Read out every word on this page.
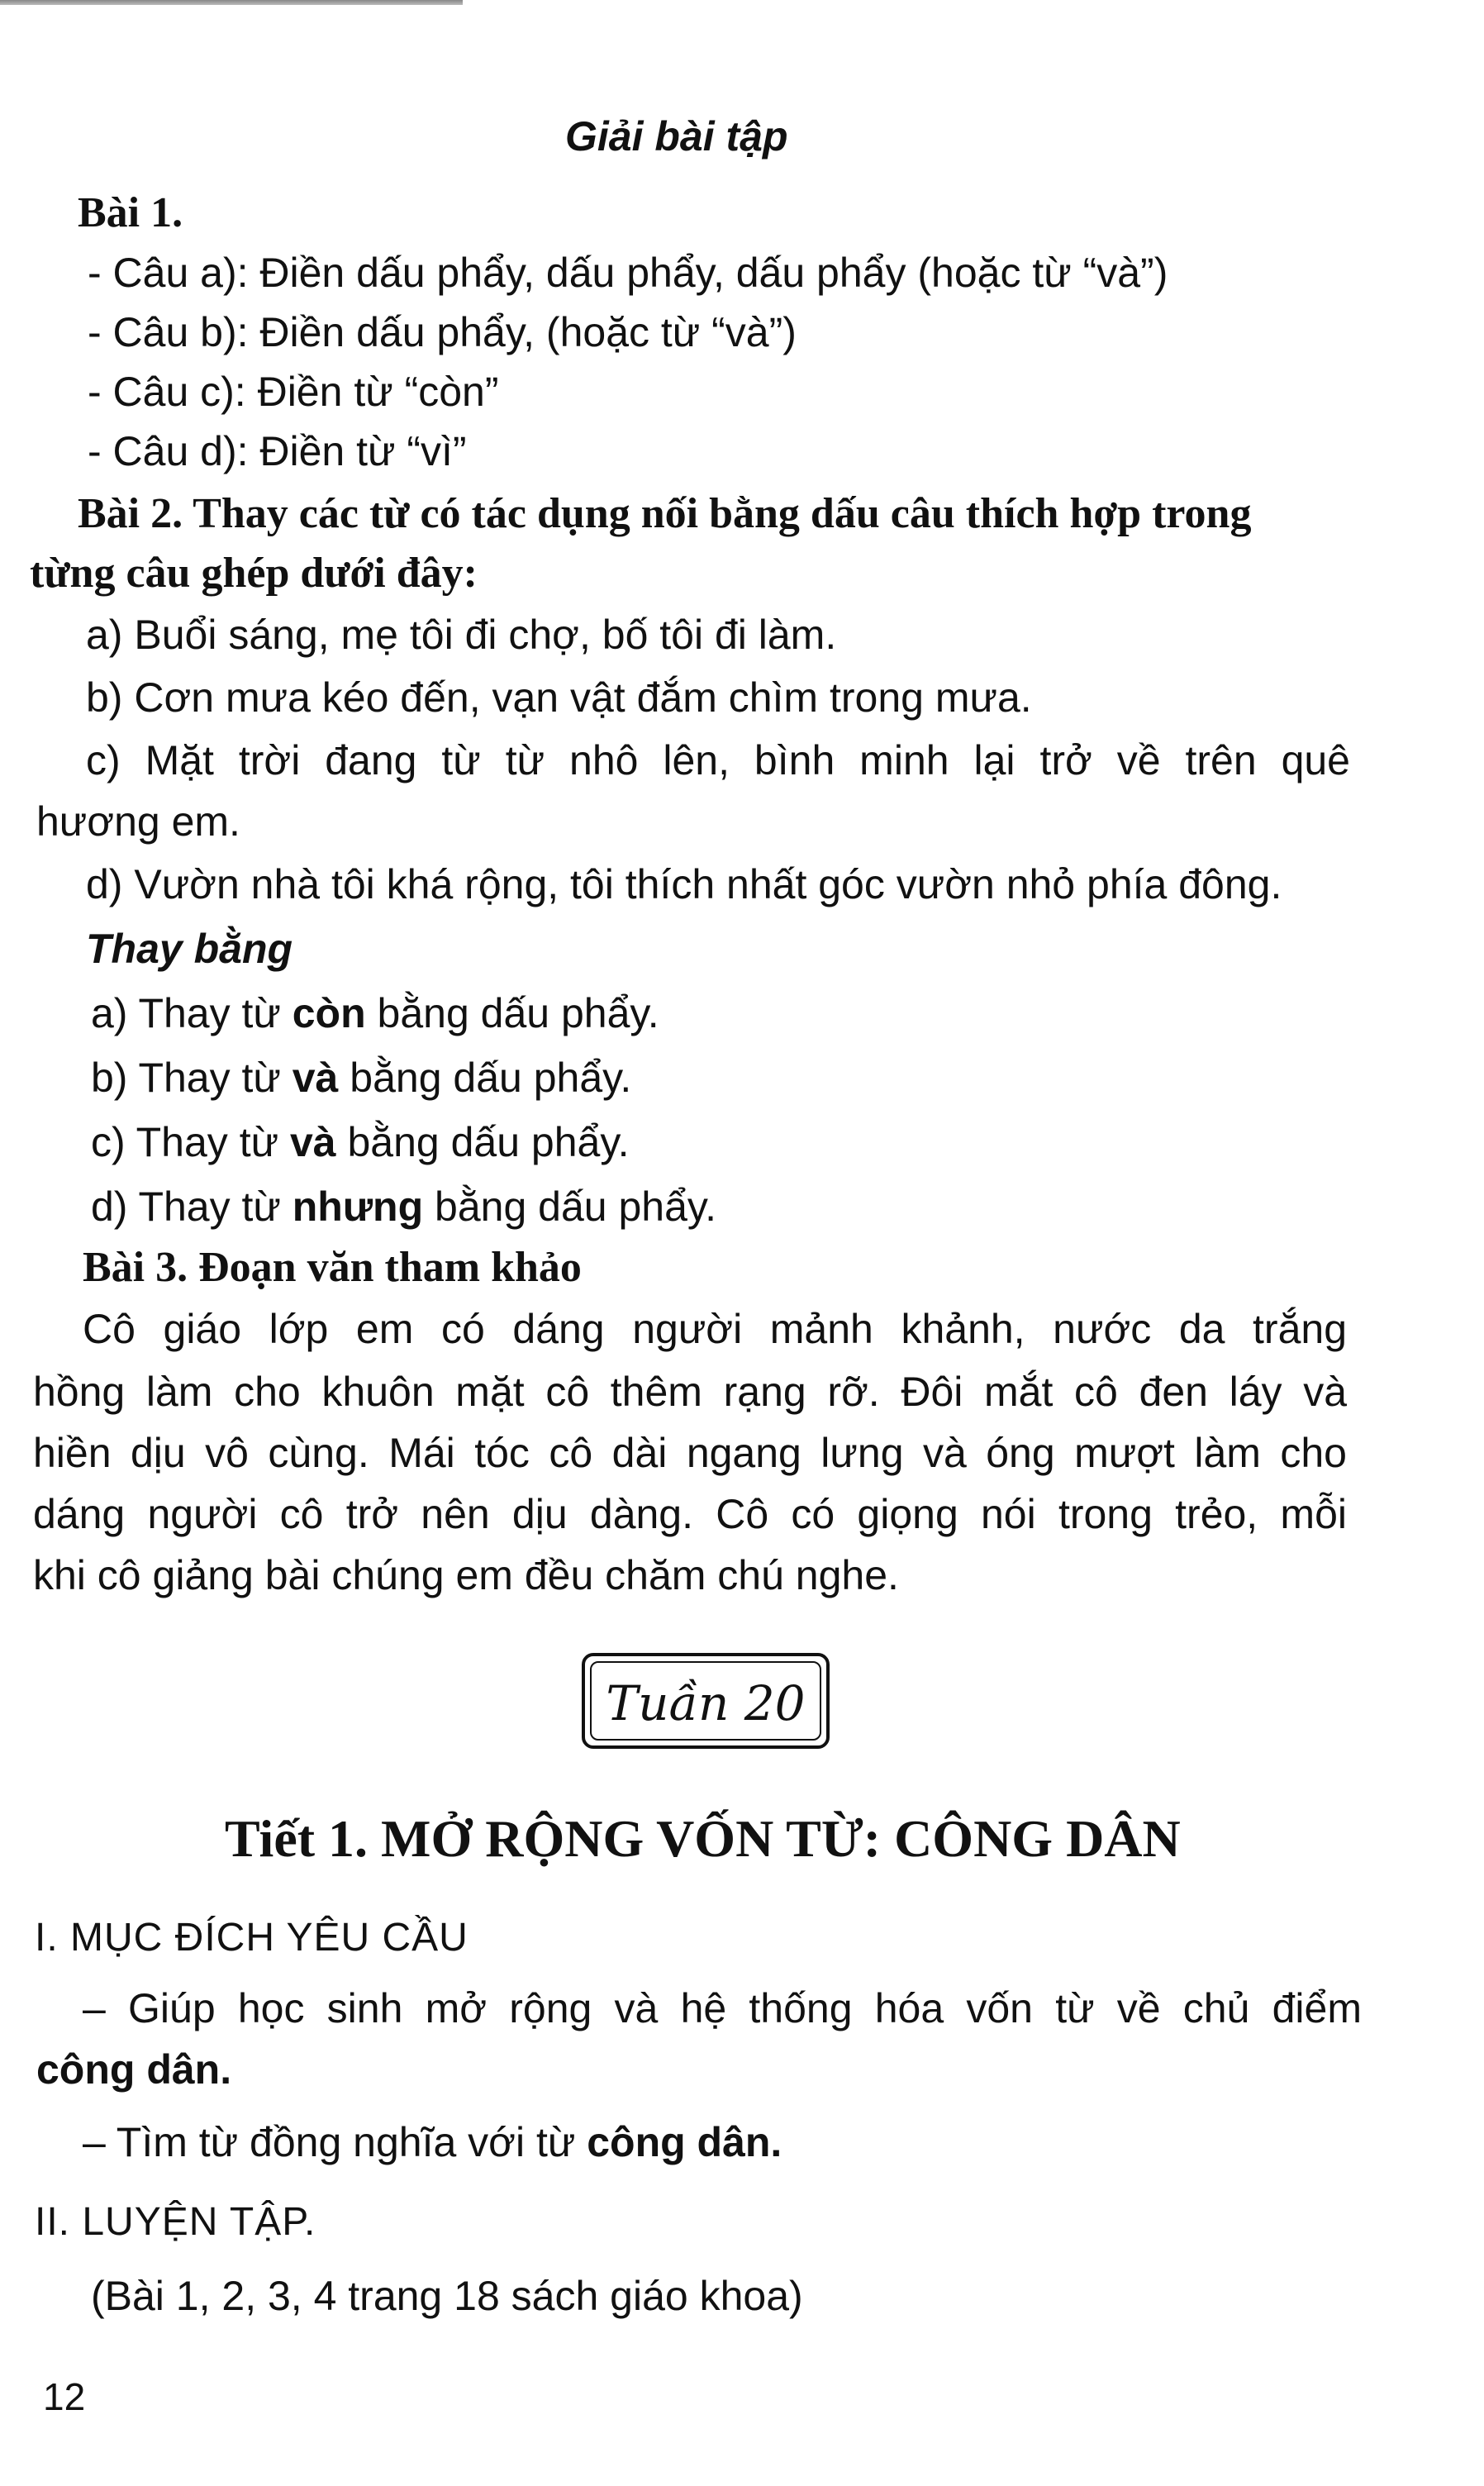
Giải bài tập
Bài 1.
- Câu a): Điền dấu phẩy, dấu phẩy, dấu phẩy (hoặc từ “và”)
- Câu b): Điền dấu phẩy, (hoặc từ “và”)
- Câu c): Điền từ “còn”
- Câu d): Điền từ “vì”
Bài 2. Thay các từ có tác dụng nối bằng dấu câu thích hợp trong
từng câu ghép dưới đây:
a) Buổi sáng, mẹ tôi đi chợ, bố tôi đi làm.
b) Cơn mưa kéo đến, vạn vật đắm chìm trong mưa.
c) Mặt trời đang từ từ nhô lên, bình minh lại trở về trên quê
hương em.
d) Vườn nhà tôi khá rộng, tôi thích nhất góc vườn nhỏ phía đông.
Thay bằng
a) Thay từ còn bằng dấu phẩy.
b) Thay từ và bằng dấu phẩy.
c) Thay từ và bằng dấu phẩy.
d) Thay từ nhưng bằng dấu phẩy.
Bài 3. Đoạn văn tham khảo
Cô giáo lớp em có dáng người mảnh khảnh, nước da trắng
hồng làm cho khuôn mặt cô thêm rạng rỡ. Đôi mắt cô đen láy và
hiền dịu vô cùng. Mái tóc cô dài ngang lưng và óng mượt làm cho
dáng người cô trở nên dịu dàng. Cô có giọng nói trong trẻo, mỗi
khi cô giảng bài chúng em đều chăm chú nghe.
Tuần 20
Tiết 1. MỞ RỘNG VỐN TỪ: CÔNG DÂN
I. MỤC ĐÍCH YÊU CẦU
– Giúp học sinh mở rộng và hệ thống hóa vốn từ về chủ điểm
công dân.
– Tìm từ đồng nghĩa với từ công dân.
II. LUYỆN TẬP.
(Bài 1, 2, 3, 4 trang 18 sách giáo khoa)
12
